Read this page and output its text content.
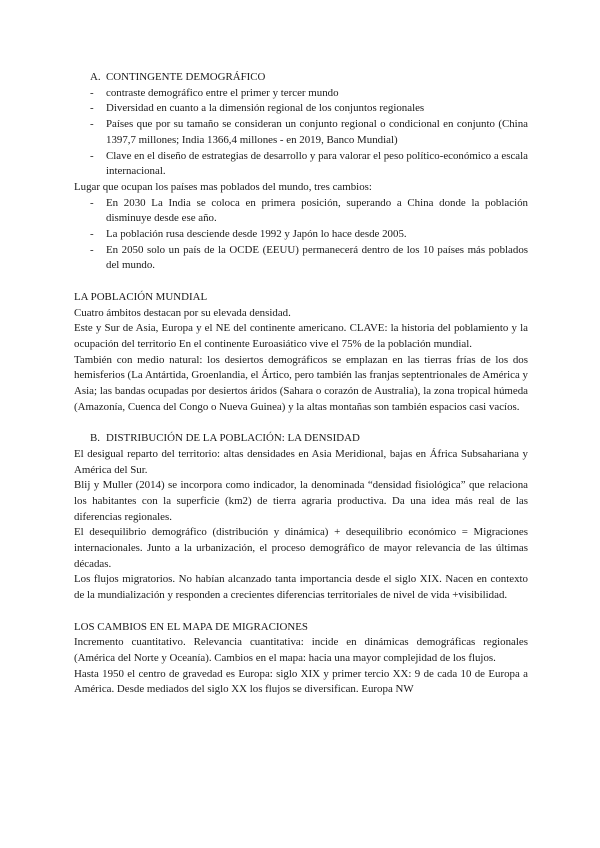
A. CONTINGENTE DEMOGRÁFICO
- contraste demográfico entre el primer y tercer mundo
- Diversidad en cuanto a la dimensión regional de los conjuntos regionales
- Países que por su tamaño se consideran un conjunto regional o condicional en conjunto (China 1397,7 millones; India 1366,4 millones - en 2019, Banco Mundial)
- Clave en el diseño de estrategias de desarrollo y para valorar el peso político-económico a escala internacional.

Lugar que ocupan los países mas poblados del mundo, tres cambios:

- En 2030 La India se coloca en primera posición, superando a China donde la población disminuye desde ese año.
- La población rusa desciende desde 1992 y Japón lo hace desde 2005.
- En 2050 solo un país de la OCDE (EEUU) permanecerá dentro de los 10 países más poblados del mundo.
LA POBLACIÓN MUNDIAL

Cuatro ámbitos destacan por su elevada densidad.

Este y Sur de Asia, Europa y el NE del continente americano. CLAVE: la historia del poblamiento y la ocupación del territorio En el continente Euroasiático vive el 75% de la población mundial.

También con medio natural: los desiertos demográficos se emplazan en las tierras frías de los dos hemisferios (La Antártida, Groenlandia, el Ártico, pero también las franjas septentrionales de América y Asia; las bandas ocupadas por desiertos áridos (Sahara o corazón de Australia), la zona tropical húmeda (Amazonía, Cuenca del Congo o Nueva Guinea) y la altas montañas son también espacios casi vacíos.

B. DISTRIBUCIÓN DE LA POBLACIÓN: LA DENSIDAD

El desigual reparto del territorio: altas densidades en Asia Meridional, bajas en África Subsahariana y América del Sur.

Blij y Muller (2014) se incorpora como indicador, la denominada “densidad fisiológica” que relaciona los habitantes con la superficie (km2) de tierra agraria productiva. Da una idea más real de las diferencias regionales.

El desequilibrio demográfico (distribución y dinámica) + desequilibrio económico = Migraciones internacionales. Junto a la urbanización, el proceso demográfico de mayor relevancia de las últimas décadas.

Los flujos migratorios. No habían alcanzado tanta importancia desde el siglo XIX. Nacen en contexto de la mundialización y responden a crecientes diferencias territoriales de nivel de vida +visibilidad.

LOS CAMBIOS EN EL MAPA DE MIGRACIONES

Incremento cuantitativo. Relevancia cuantitativa: incide en dinámicas demográficas regionales (América del Norte y Oceanía). Cambios en el mapa: hacia una mayor complejidad de los flujos.

Hasta 1950 el centro de gravedad es Europa: siglo XIX y primer tercio XX: 9 de cada 10 de Europa a América. Desde mediados del siglo XX los flujos se diversifican. Europa NW
